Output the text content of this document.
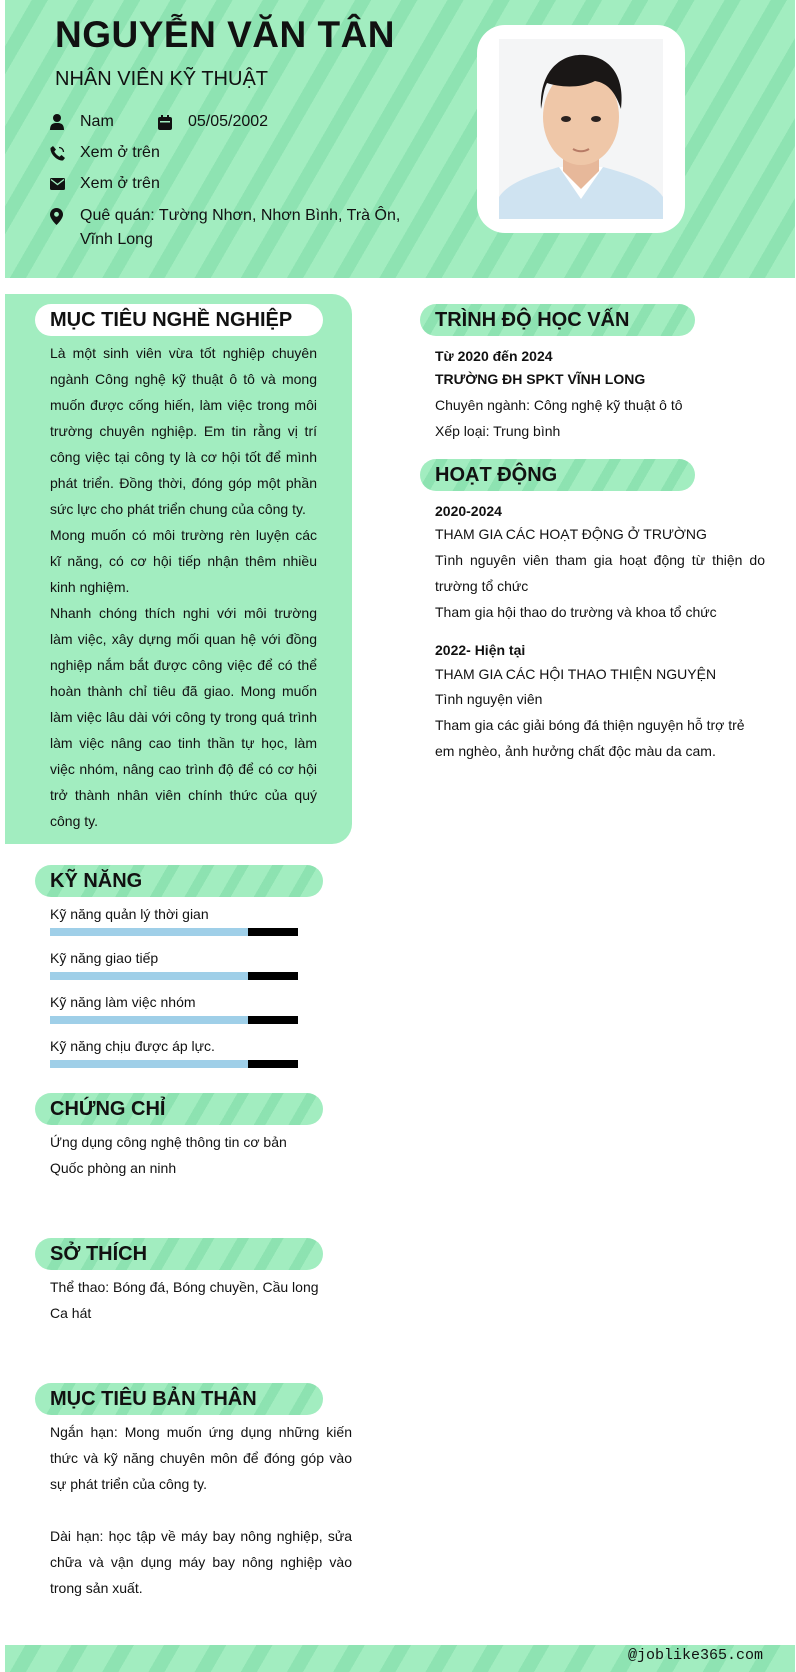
NGUYỄN VĂN TÂN
NHÂN VIÊN KỸ THUẬT
Nam	05/05/2002
Xem ở trên
Xem ở trên
Quê quán: Tường Nhơn, Nhơn Bình, Trà Ôn, Vĩnh Long
MỤC TIÊU NGHỀ NGHIỆP

Là một sinh viên vừa tốt nghiệp chuyên ngành Công nghệ kỹ thuật ô tô và mong muốn được cống hiến, làm việc trong môi trường chuyên nghiệp. Em tin rằng vị trí công việc tại công ty là cơ hội tốt để mình phát triển. Đồng thời, đóng góp một phần sức lực cho phát triển chung của công ty.

Mong muốn có môi trường rèn luyện các kĩ năng, có cơ hội tiếp nhận thêm nhiều kinh nghiệm.

Nhanh chóng thích nghi với môi trường làm việc, xây dựng mối quan hệ với đồng nghiệp nắm bắt được công việc để có thể hoàn thành chỉ tiêu đã giao. Mong muốn làm việc lâu dài với công ty trong quá trình làm việc nâng cao tinh thần tự học, làm việc nhóm, nâng cao trình độ để có cơ hội trở thành nhân viên chính thức của quý công ty.

KỸ NĂNG
Kỹ năng quản lý thời gian
Kỹ năng giao tiếp
Kỹ năng làm việc nhóm
Kỹ năng chịu được áp lực.
CHỨNG CHỈ
Ứng dụng công nghệ thông tin cơ bản
Quốc phòng an ninh
SỞ THÍCH
Thể thao: Bóng đá, Bóng chuyền, Cầu long
Ca hát
MỤC TIÊU BẢN THÂN

Ngắn hạn: Mong muốn ứng dụng những kiến thức và kỹ năng chuyên môn để đóng góp vào sự phát triển của công ty.

Dài hạn: học tập về máy bay nông nghiệp, sửa chữa và vận dụng máy bay nông nghiệp vào trong sản xuất.

TRÌNH ĐỘ HỌC VẤN
Từ 2020 đến 2024
TRƯỜNG ĐH SPKT VĨNH LONG
Chuyên ngành: Công nghệ kỹ thuật ô tô
Xếp loại: Trung bình
HOẠT ĐỘNG
2020-2024
THAM GIA CÁC HOẠT ĐỘNG Ở TRƯỜNG

Tình nguyên viên tham gia hoạt động từ thiện do trường tổ chức

Tham gia hội thao do trường và khoa tổ chức
2022- Hiện tại
THAM GIA CÁC HỘI THAO THIỆN NGUYỆN
Tình nguyện viên

Tham gia các giải bóng đá thiện nguyện hỗ trợ trẻ em nghèo, ảnh hưởng chất độc màu da cam.

@joblike365.com
